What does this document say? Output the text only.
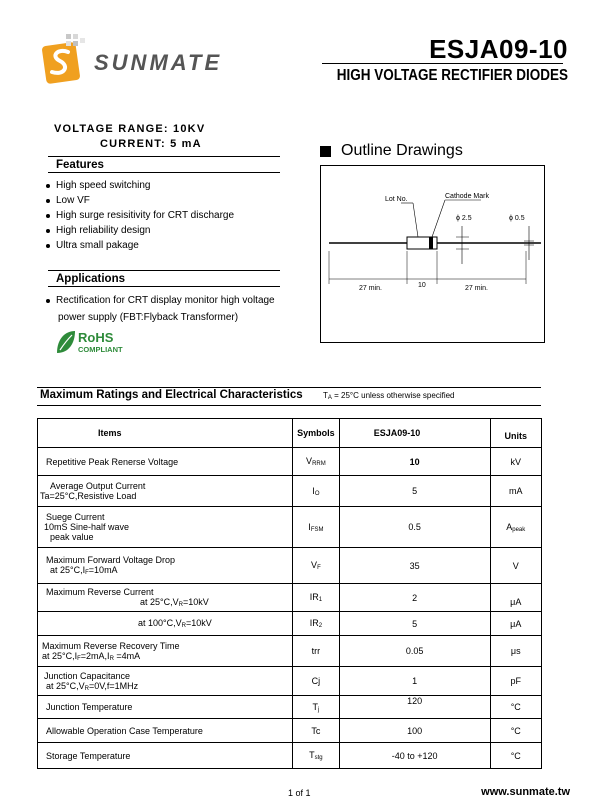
SUNMATE	ESJA09-10
HIGH VOLTAGE RECTIFIER DIODES
VOLTAGE RANGE: 10KV
CURRENT: 5 mA
Features
High speed switching
Low VF
High surge resisitivity for CRT discharge
High reliability design
Ultra small pakage
Applications
Rectification for CRT display monitor high voltage
power supply (FBT:Flyback Transformer)
RoHS
COMPLIANT
Outline Drawings
Lot No.	Cathode Mark
ϕ 2.5	ϕ 0.5
27 min.	10	27 min.
Maximum Ratings and Electrical Characteristics	$T_A = 25^\circ C$ unless otherwise specified
Items	Symbols	ESJA09-10	Units
Repetitive Peak Renerse Voltage	$V_{RRM}$	10	kV

Average Output Current
Ta=25°C,Resistive Load	$I_O$	5	mA

Suege Current
10mS Sine-half wave
peak value	$I_{FSM}$	0.5	$A_{peak}$

Maximum Forward Voltage Drop
at $25^\circ C,I_F=10mA$	$V_F$	35	V

Maximum Reverse Current
at $25^\circ C,V_R=10kV$	$IR_1$	2	μA
at $100^\circ C,V_R=10kV$	$IR_2$	5	μA

Maximum Reverse Recovery Time
at $25^\circ C,I_F=2mA,I_R =4mA$	trr	0.05	μs

Junction Capacitance
at $25^\circ C,V_R=0V,f=1MHz$	Cj	1	pF
Junction Temperature	$T_j$	120	°C
Allowable Operation Case Temperature	Tc	100	°C
Storage Temperature	$T_{stg}$	-40 to +120	°C
1 of 1	www.sunmate.tw
